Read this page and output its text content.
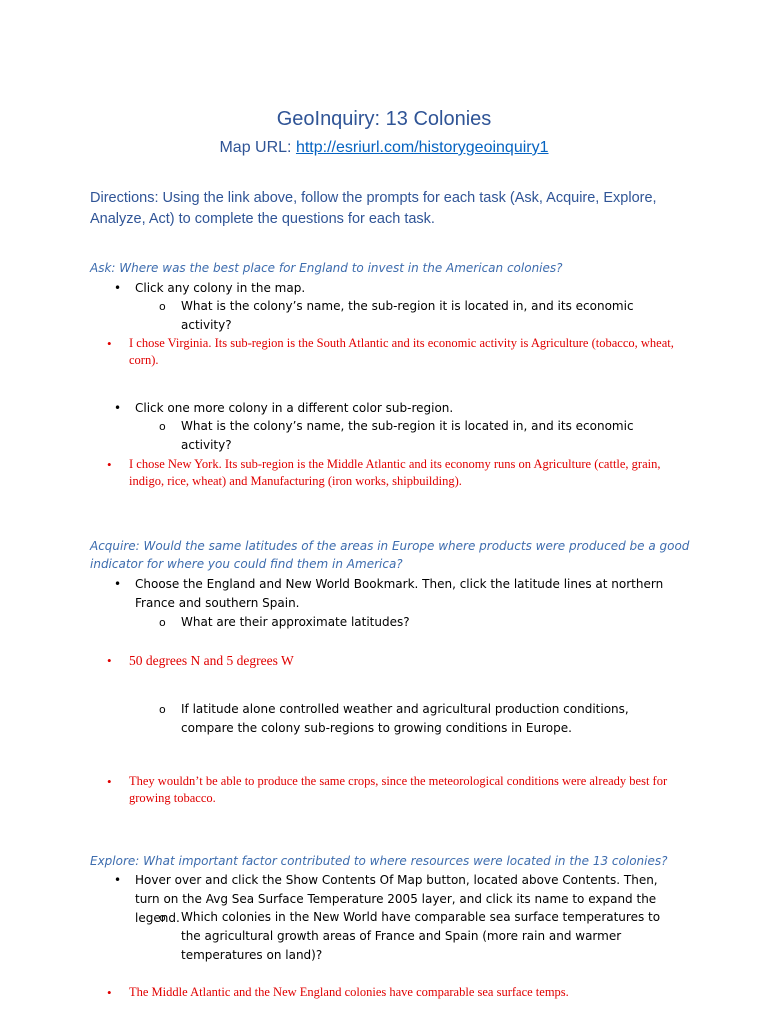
GeoInquiry: 13 Colonies
Map URL: http://esriurl.com/historygeoinquiry1
Directions: Using the link above, follow the prompts for each task (Ask, Acquire, Explore, Analyze, Act) to complete the questions for each task.
Ask: Where was the best place for England to invest in the American colonies?
• Click any colony in the map.
o What is the colony’s name, the sub-region it is located in, and its economic activity?
• I chose Virginia. Its sub-region is the South Atlantic and its economic activity is Agriculture (tobacco, wheat, corn).
• Click one more colony in a different color sub-region.
o What is the colony’s name, the sub-region it is located in, and its economic activity?
• I chose New York. Its sub-region is the Middle Atlantic and its economy runs on Agriculture (cattle, grain, indigo, rice, wheat) and Manufacturing (iron works, shipbuilding).
Acquire: Would the same latitudes of the areas in Europe where products were produced be a good indicator for where you could find them in America?
• Choose the England and New World Bookmark. Then, click the latitude lines at northern France and southern Spain.
o What are their approximate latitudes?
• 50 degrees N and 5 degrees W
o If latitude alone controlled weather and agricultural production conditions, compare the colony sub-regions to growing conditions in Europe.
• They wouldn’t be able to produce the same crops, since the meteorological conditions were already best for growing tobacco.
Explore: What important factor contributed to where resources were located in the 13 colonies?
• Hover over and click the Show Contents Of Map button, located above Contents. Then, turn on the Avg Sea Surface Temperature 2005 layer, and click its name to expand the legend.
o Which colonies in the New World have comparable sea surface temperatures to the agricultural growth areas of France and Spain (more rain and warmer temperatures on land)?
• The Middle Atlantic and the New England colonies have comparable sea surface temps.
